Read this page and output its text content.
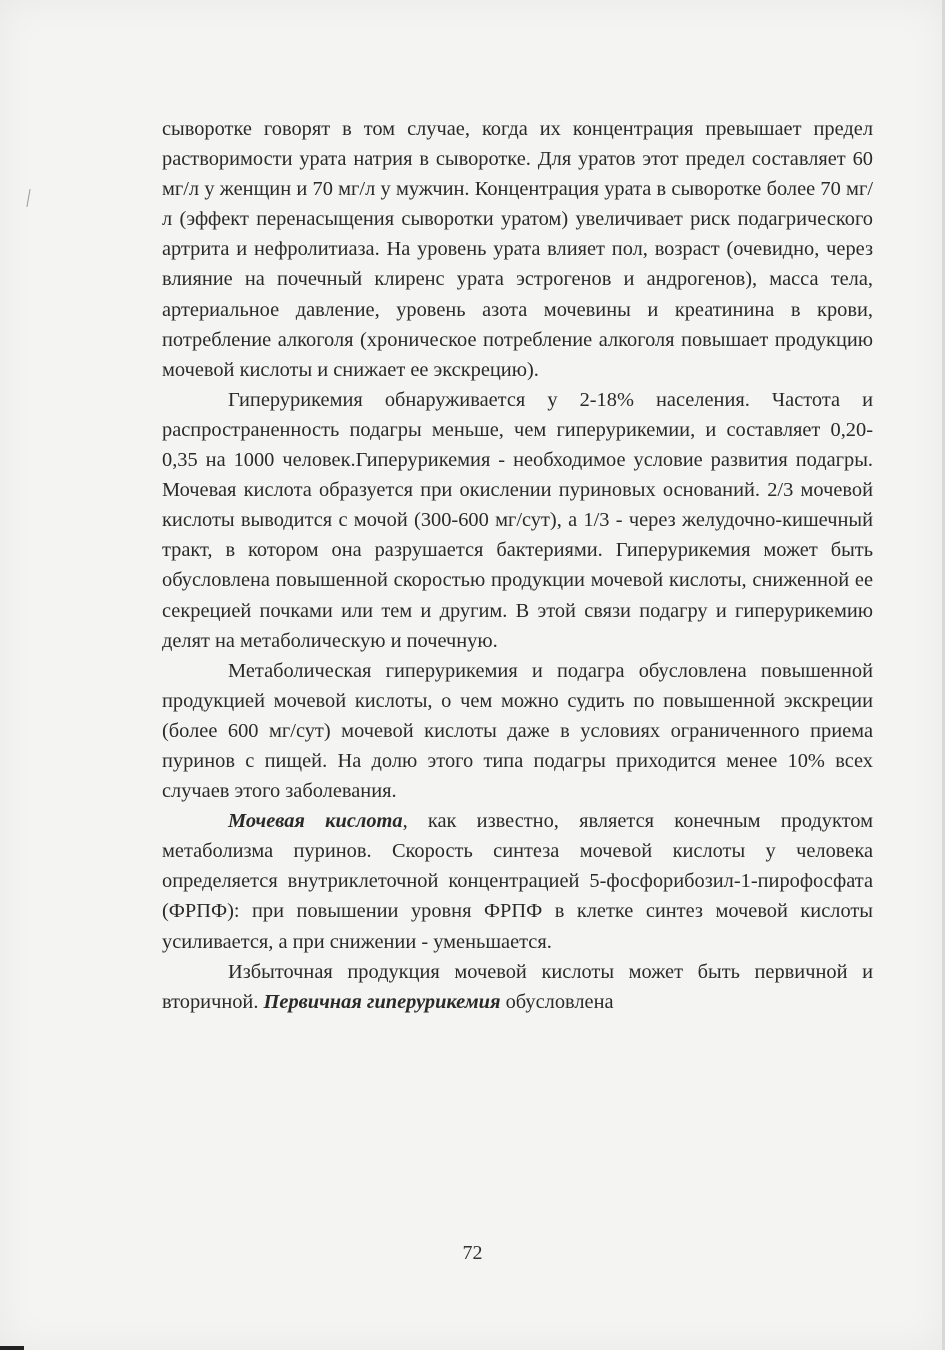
сыворотке говорят в том случае, когда их концентрация превышает предел растворимости урата натрия в сыворотке. Для уратов этот предел составляет 60 мг/л у женщин и 70 мг/л у мужчин. Концентрация урата в сыворотке более 70 мг/л (эффект перенасыщения сыворотки уратом) увеличивает риск подагрического артрита и нефролитиаза. На уровень урата влияет пол, возраст (очевидно, через влияние на почечный клиренс урата эстрогенов и андрогенов), масса тела, артериальное давление, уровень азота мочевины и креатинина в крови, потребление алкоголя (хроническое потребление алкоголя повышает продукцию мочевой кислоты и снижает ее экскрецию).

Гиперурикемия обнаруживается у 2-18% населения. Частота и распространенность подагры меньше, чем гиперурикемии, и составляет 0,20-0,35 на 1000 человек.Гиперурикемия - необходимое условие развития подагры. Мочевая кислота образуется при окислении пуриновых оснований. 2/3 мочевой кислоты выводится с мочой (300-600 мг/сут), а 1/3 - через желудочно-кишечный тракт, в котором она разрушается бактериями. Гиперурикемия может быть обусловлена повышенной скоростью продукции мочевой кислоты, сниженной ее секрецией почками или тем и другим. В этой связи подагру и гиперурикемию делят на метаболическую и почечную.

Метаболическая гиперурикемия и подагра обусловлена повышенной продукцией мочевой кислоты, о чем можно судить по повышенной экскреции (более 600 мг/сут) мочевой кислоты даже в условиях ограниченного приема пуринов с пищей. На долю этого типа подагры приходится менее 10% всех случаев этого заболевания.

Мочевая кислота, как известно, является конечным продуктом метаболизма пуринов. Скорость синтеза мочевой кислоты у человека определяется внутриклеточной концентрацией 5-фосфорибозил-1-пирофосфата (ФРПФ): при повышении уровня ФРПФ в клетке синтез мочевой кислоты усиливается, а при снижении - уменьшается.

Избыточная продукция мочевой кислоты может быть первичной и вторичной. Первичная гиперурикемия обусловлена

72
